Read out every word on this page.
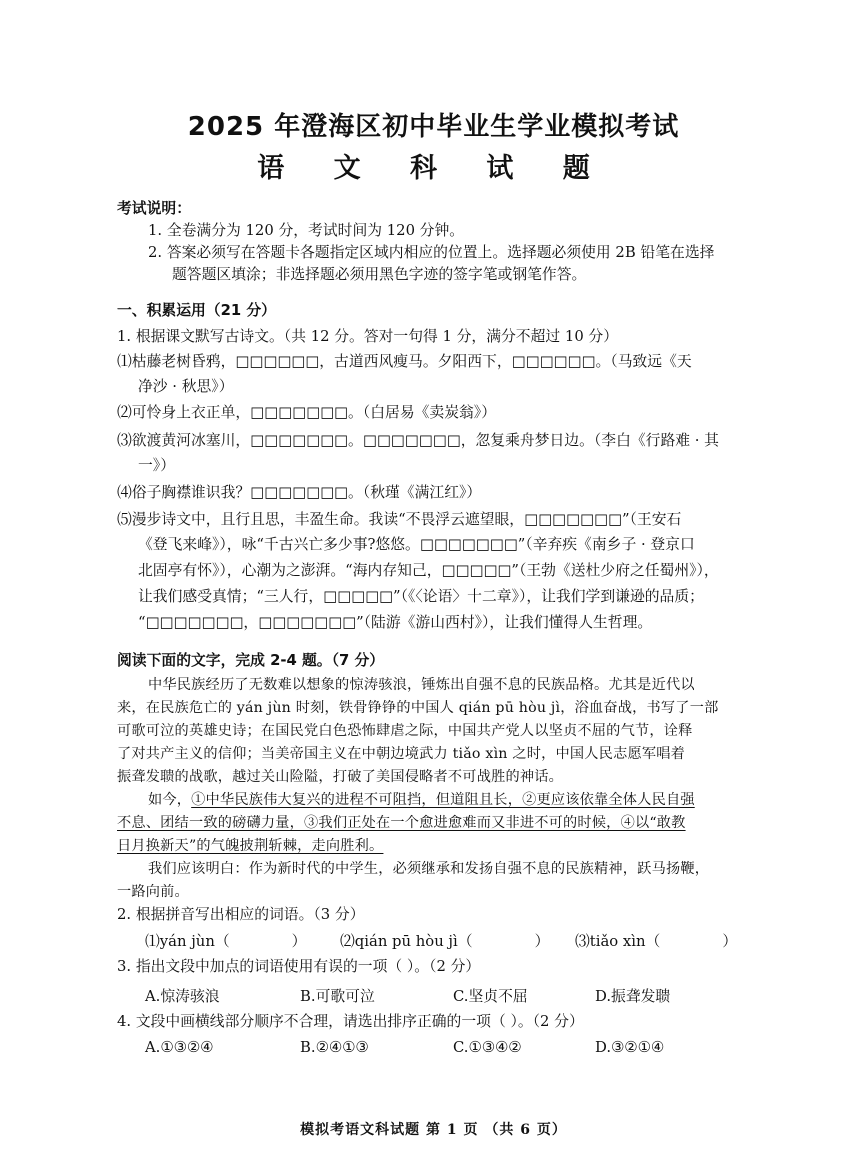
2025 年澄海区初中毕业生学业模拟考试
语 文 科 试 题
考试说明：
1. 全卷满分为 120 分，考试时间为 120 分钟。
2. 答案必须写在答题卡各题指定区域内相应的位置上。选择题必须使用 2B 铅笔在选择
题答题区填涂；非选择题必须用黑色字迹的签字笔或钢笔作答。
一、积累运用（21 分）
1. 根据课文默写古诗文。（共 12 分。答对一句得 1 分，满分不超过 10 分）
⑴枯藤老树昏鸦，□□□□□□，古道西风瘦马。夕阳西下，□□□□□□。（马致远《天
净沙 · 秋思》）
⑵可怜身上衣正单，□□□□□□□。（白居易《卖炭翁》）
⑶欲渡黄河冰塞川，□□□□□□□。□□□□□□□，忽复乘舟梦日边。（李白《行路难 · 其
一》）
⑷俗子胸襟谁识我？□□□□□□□。（秋瑾《满江红》）
⑸漫步诗文中，且行且思，丰盈生命。我读“不畏浮云遮望眼，□□□□□□□”（王安石
《登飞来峰》），咏“千古兴亡多少事?悠悠。□□□□□□□”（辛弃疾《南乡子 · 登京口
北固亭有怀》），心潮为之澎湃。“海内存知己，□□□□□”（王勃《送杜少府之任蜀州》），
让我们感受真情；“三人行，□□□□□”（《〈论语〉十二章》），让我们学到谦逊的品质；
“□□□□□□□，□□□□□□□”（陆游《游山西村》），让我们懂得人生哲理。
阅读下面的文字，完成 2-4 题。（7 分）
中华民族经历了无数难以想象的惊涛骇浪，锤炼出自强不息的民族品格。尤其是近代以
来，在民族危亡的 yán jùn 时刻，铁骨铮铮的中国人 qián pū hòu jì，浴血奋战，书写了一部
可歌可泣的英雄史诗；在国民党白色恐怖肆虐之际，中国共产党人以坚贞不屈的气节，诠释
了对共产主义的信仰；当美帝国主义在中朝边境武力 tiǎo xìn 之时，中国人民志愿军唱着
振聋发聩的战歌，越过关山险隘，打破了美国侵略者不可战胜的神话。
如今，①中华民族伟大复兴的进程不可阻挡，但道阻且长，②更应该依靠全体人民自强
不息、团结一致的磅礴力量，③我们正处在一个愈进愈难而又非进不可的时候，④以“敢教
日月换新天”的气魄披荆斩棘，走向胜利。
我们应该明白：作为新时代的中学生，必须继承和发扬自强不息的民族精神，跃马扬鞭，
一路向前。
2. 根据拼音写出相应的词语。（3 分）
⑴yán jùn（	） ⑵qián pū hòu jì（	） ⑶tiǎo xìn（	）
3. 指出文段中加点的词语使用有误的一项（ ）。（2 分）
A.惊涛骇浪	B.可歌可泣	C.坚贞不屈	D.振聋发聩
4. 文段中画横线部分顺序不合理，请选出排序正确的一项（ ）。（2 分）
A.①③②④	B.②④①③	C.①③④②	D.③②①④
模拟考语文科试题 第 1 页 （共 6 页）
